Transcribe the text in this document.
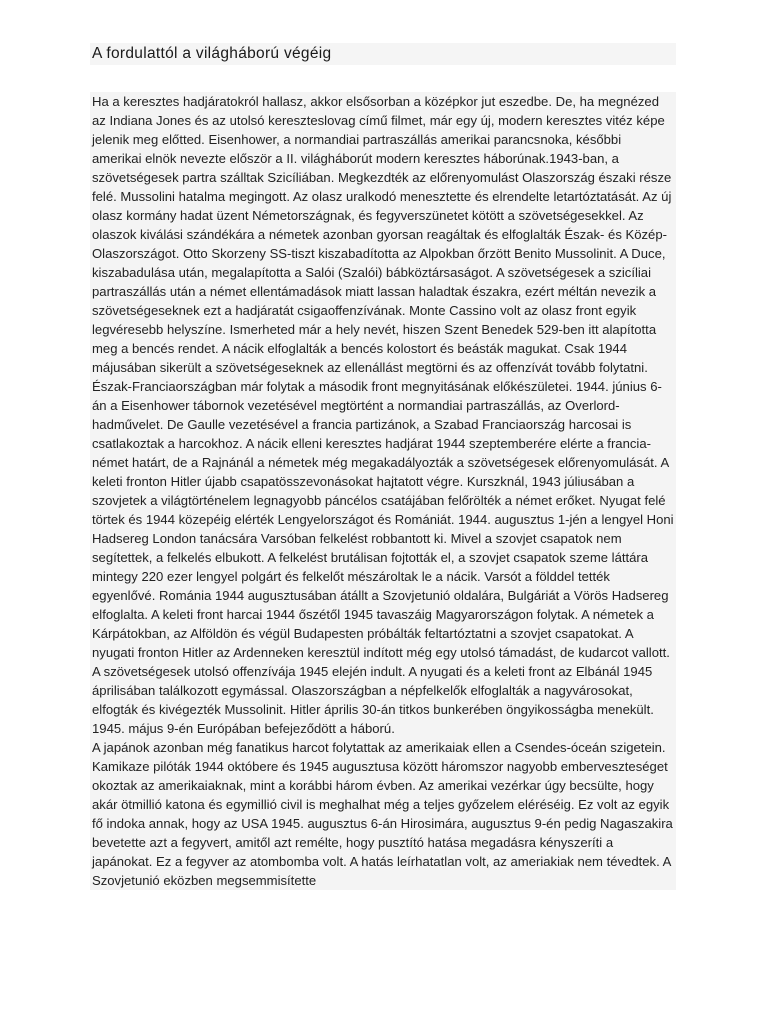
A fordulattól a világháború végéig

Ha a keresztes hadjáratokról hallasz, akkor elsősorban a középkor jut eszedbe. De, ha megnézed az Indiana Jones és az utolsó kereszteslovag című filmet, már egy új, modern keresztes vitéz képe jelenik meg előtted. Eisenhower, a normandiai partraszállás amerikai parancsnoka, későbbi amerikai elnök nevezte először a II. világháborút modern keresztes háborúnak.1943-ban, a szövetségesek partra szálltak Szicíliában. Megkezdték az előrenyomulást Olaszország északi része felé. Mussolini hatalma megingott. Az olasz uralkodó menesztette és elrendelte letartóztatását. Az új olasz kormány hadat üzent Németországnak, és fegyverszünetet kötött a szövetségesekkel. Az olaszok kiválási szándékára a németek azonban gyorsan reagáltak és elfoglalták Észak- és Közép-Olaszországot. Otto Skorzeny SS-tiszt kiszabadította az Alpokban őrzött Benito Mussolinit. A Duce, kiszabadulása után, megalapította a Salói (Szalói) bábköztársaságot. A szövetségesek a szicíliai partraszállás után a német ellentámadások miatt lassan haladtak északra, ezért méltán nevezik a szövetségeseknek ezt a hadjáratát csigaoffenzívának. Monte Cassino volt az olasz front egyik legvéresebb helyszíne. Ismerheted már a hely nevét, hiszen Szent Benedek 529-ben itt alapította meg a bencés rendet. A nácik elfoglalták a bencés kolostort és beásták magukat. Csak 1944 májusában sikerült a szövetségeseknek az ellenállást megtörni és az offenzívát tovább folytatni.

Észak-Franciaországban már folytak a második front megnyitásának előkészületei. 1944. június 6-án a Eisenhower tábornok vezetésével megtörtént a normandiai partraszállás, az Overlord-hadművelet. De Gaulle vezetésével a francia partizánok, a Szabad Franciaország harcosai is csatlakoztak a harcokhoz. A nácik elleni keresztes hadjárat 1944 szeptemberére elérte a francia-német határt, de a Rajnánál a németek még megakadályozták a szövetségesek előrenyomulását. A keleti fronton Hitler újabb csapatösszevonásokat hajtatott végre. Kurszknál, 1943 júliusában a szovjetek a világtörténelem legnagyobb páncélos csatájában felőrölték a német erőket. Nyugat felé törtek és 1944 közepéig elérték Lengyelországot és Romániát. 1944. augusztus 1-jén a lengyel Honi Hadsereg London tanácsára Varsóban felkelést robbantott ki. Mivel a szovjet csapatok nem segítettek, a felkelés elbukott. A felkelést brutálisan fojtották el, a szovjet csapatok szeme láttára mintegy 220 ezer lengyel polgárt és felkelőt mészároltak le a nácik. Varsót a földdel tették egyenlővé. Románia 1944 augusztusában átállt a Szovjetunió oldalára, Bulgáriát a Vörös Hadsereg elfoglalta. A keleti front harcai 1944 őszétől 1945 tavaszáig Magyarországon folytak. A németek a Kárpátokban, az Alföldön és végül Budapesten próbálták feltartóztatni a szovjet csapatokat. A nyugati fronton Hitler az Ardenneken keresztül indított még egy utolsó támadást, de kudarcot vallott. A szövetségesek utolsó offenzívája 1945 elején indult. A nyugati és a keleti front az Elbánál 1945 áprilisában találkozott egymással. Olaszországban a népfelkelők elfoglalták a nagyvárosokat, elfogták és kivégezték Mussolinit. Hitler április 30-án titkos bunkerében öngyikosságba menekült. 1945. május 9-én Európában befejeződött a háború.

A japánok azonban még fanatikus harcot folytattak az amerikaiak ellen a Csendes-óceán szigetein. Kamikaze pilóták 1944 októbere és 1945 augusztusa között háromszor nagyobb emberveszteséget okoztak az amerikaiaknak, mint a korábbi három évben. Az amerikai vezérkar úgy becsülte, hogy akár ötmillió katona és egymillió civil is meghalhat még a teljes győzelem eléréséig. Ez volt az egyik fő indoka annak, hogy az USA 1945. augusztus 6-án Hirosimára, augusztus 9-én pedig Nagaszakira bevetette azt a fegyvert, amitől azt remélte, hogy pusztító hatása megadásra kényszeríti a japánokat. Ez a fegyver az atombomba volt. A hatás leírhatatlan volt, az ameriakiak nem tévedtek. A Szovjetunió eközben megsemmisítette
